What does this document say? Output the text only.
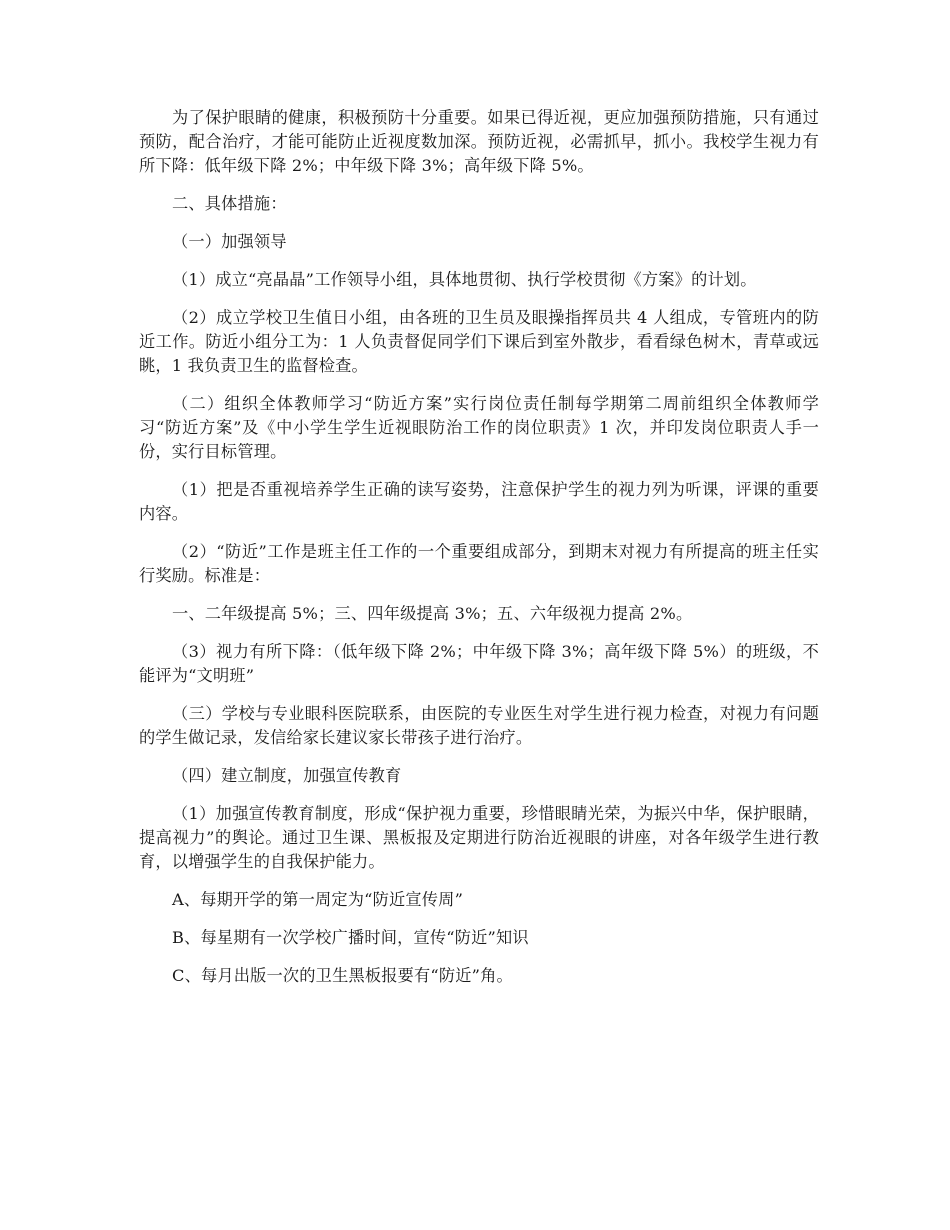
为了保护眼睛的健康，积极预防十分重要。如果已得近视，更应加强预防措施，只有通过预防，配合治疗，才能可能防止近视度数加深。预防近视，必需抓早，抓小。我校学生视力有所下降：低年级下降 2%；中年级下降 3%；高年级下降 5%。

二、具体措施：

（一）加强领导

（1）成立“亮晶晶”工作领导小组，具体地贯彻、执行学校贯彻《方案》的计划。

（2）成立学校卫生值日小组，由各班的卫生员及眼操指挥员共 4 人组成，专管班内的防近工作。防近小组分工为：1 人负责督促同学们下课后到室外散步，看看绿色树木，青草或远眺，1 我负责卫生的监督检查。

（二）组织全体教师学习“防近方案”实行岗位责任制每学期第二周前组织全体教师学习“防近方案”及《中小学生学生近视眼防治工作的岗位职责》1 次，并印发岗位职责人手一份，实行目标管理。

（1）把是否重视培养学生正确的读写姿势，注意保护学生的视力列为听课，评课的重要内容。

（2）“防近”工作是班主任工作的一个重要组成部分，到期末对视力有所提高的班主任实行奖励。标准是：

一、二年级提高 5%；三、四年级提高 3%；五、六年级视力提高 2%。

（3）视力有所下降：（低年级下降 2%；中年级下降 3%；高年级下降 5%）的班级，不能评为“文明班”

（三）学校与专业眼科医院联系，由医院的专业医生对学生进行视力检查，对视力有问题的学生做记录，发信给家长建议家长带孩子进行治疗。

（四）建立制度，加强宣传教育

（1）加强宣传教育制度，形成“保护视力重要，珍惜眼睛光荣，为振兴中华，保护眼睛，提高视力”的舆论。通过卫生课、黑板报及定期进行防治近视眼的讲座，对各年级学生进行教育，以增强学生的自我保护能力。

A、每期开学的第一周定为“防近宣传周”

B、每星期有一次学校广播时间，宣传“防近”知识

C、每月出版一次的卫生黑板报要有“防近”角。
